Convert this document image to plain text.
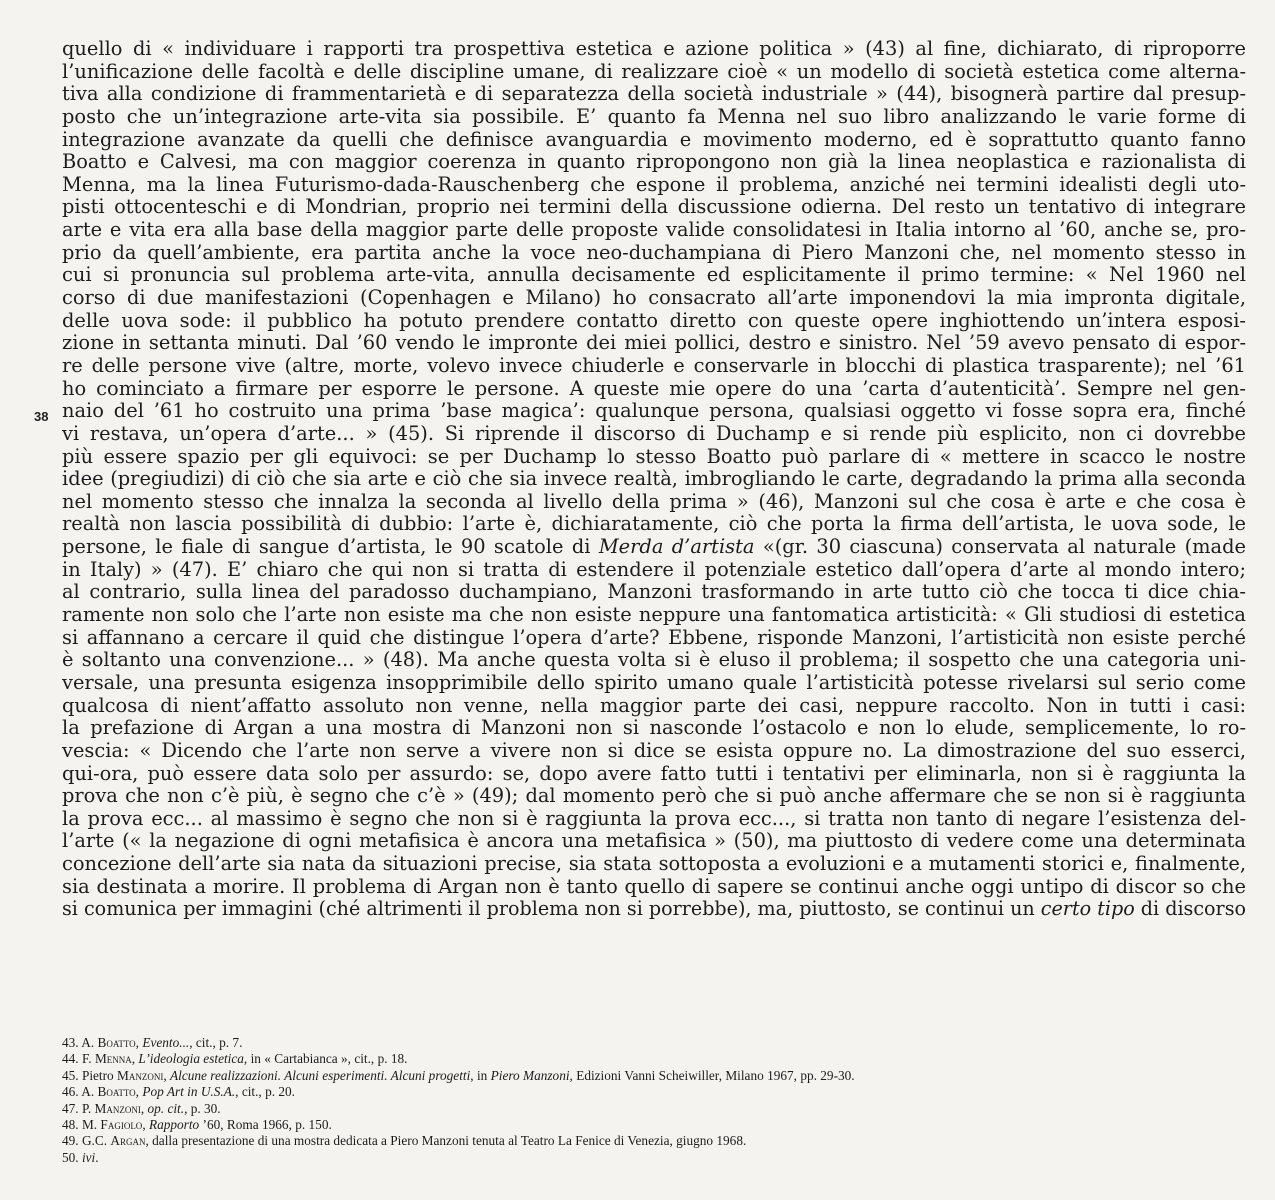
38
quello di « individuare i rapporti tra prospettiva estetica e azione politica » (43) al fine, dichiarato, di riproporre
l’unificazione delle facoltà e delle discipline umane, di realizzare cioè « un modello di società estetica come alterna-
tiva alla condizione di frammentarietà e di separatezza della società industriale » (44), bisognerà partire dal presup-
posto che un’integrazione arte-vita sia possibile. E’ quanto fa Menna nel suo libro analizzando le varie forme di
integrazione avanzate da quelli che definisce avanguardia e movimento moderno, ed è soprattutto quanto fanno
Boatto e Calvesi, ma con maggior coerenza in quanto ripropongono non già la linea neoplastica e razionalista di
Menna, ma la linea Futurismo-dada-Rauschenberg che espone il problema, anziché nei termini idealisti degli uto-
pisti ottocenteschi e di Mondrian, proprio nei termini della discussione odierna. Del resto un tentativo di integrare
arte e vita era alla base della maggior parte delle proposte valide consolidatesi in Italia intorno al ’60, anche se, pro-
prio da quell’ambiente, era partita anche la voce neo-duchampiana di Piero Manzoni che, nel momento stesso in
cui si pronuncia sul problema arte-vita, annulla decisamente ed esplicitamente il primo termine: « Nel 1960 nel
corso di due manifestazioni (Copenhagen e Milano) ho consacrato all’arte imponendovi la mia impronta digitale,
delle uova sode: il pubblico ha potuto prendere contatto diretto con queste opere inghiottendo un’intera esposi-
zione in settanta minuti. Dal ’60 vendo le impronte dei miei pollici, destro e sinistro. Nel ’59 avevo pensato di espor-
re delle persone vive (altre, morte, volevo invece chiuderle e conservarle in blocchi di plastica trasparente); nel ’61
ho cominciato a firmare per esporre le persone. A queste mie opere do una ’carta d’autenticità’. Sempre nel gen-
naio del ’61 ho costruito una prima ’base magica’: qualunque persona, qualsiasi oggetto vi fosse sopra era, finché
vi restava, un’opera d’arte... » (45). Si riprende il discorso di Duchamp e si rende più esplicito, non ci dovrebbe
più essere spazio per gli equivoci: se per Duchamp lo stesso Boatto può parlare di « mettere in scacco le nostre
idee (pregiudizi) di ciò che sia arte e ciò che sia invece realtà, imbrogliando le carte, degradando la prima alla seconda
nel momento stesso che innalza la seconda al livello della prima » (46), Manzoni sul che cosa è arte e che cosa è
realtà non lascia possibilità di dubbio: l’arte è, dichiaratamente, ciò che porta la firma dell’artista, le uova sode, le
persone, le fiale di sangue d’artista, le 90 scatole di Merda d’artista «(gr. 30 ciascuna) conservata al naturale (made
in Italy) » (47). E’ chiaro che qui non si tratta di estendere il potenziale estetico dall’opera d’arte al mondo intero;
al contrario, sulla linea del paradosso duchampiano, Manzoni trasformando in arte tutto ciò che tocca ti dice chia-
ramente non solo che l’arte non esiste ma che non esiste neppure una fantomatica artisticità: « Gli studiosi di estetica
si affannano a cercare il quid che distingue l’opera d’arte? Ebbene, risponde Manzoni, l’artisticità non esiste perché
è soltanto una convenzione... » (48). Ma anche questa volta si è eluso il problema; il sospetto che una categoria uni-
versale, una presunta esigenza insopprimibile dello spirito umano quale l’artisticità potesse rivelarsi sul serio come
qualcosa di nient’affatto assoluto non venne, nella maggior parte dei casi, neppure raccolto. Non in tutti i casi:
la prefazione di Argan a una mostra di Manzoni non si nasconde l’ostacolo e non lo elude, semplicemente, lo ro-
vescia: « Dicendo che l’arte non serve a vivere non si dice se esista oppure no. La dimostrazione del suo esserci,
qui-ora, può essere data solo per assurdo: se, dopo avere fatto tutti i tentativi per eliminarla, non si è raggiunta la
prova che non c’è più, è segno che c’è » (49); dal momento però che si può anche affermare che se non si è raggiunta
la prova ecc... al massimo è segno che non si è raggiunta la prova ecc..., si tratta non tanto di negare l’esistenza del-
l’arte (« la negazione di ogni metafisica è ancora una metafisica » (50), ma piuttosto di vedere come una determinata
concezione dell’arte sia nata da situazioni precise, sia stata sottoposta a evoluzioni e a mutamenti storici e, finalmente,
sia destinata a morire. Il problema di Argan non è tanto quello di sapere se continui anche oggi untipo di discor so che
si comunica per immagini (ché altrimenti il problema non si porrebbe), ma, piuttosto, se continui un certo tipo di discorso
43. A. Boatto, Evento..., cit., p. 7.
44. F. Menna, L’ideologia estetica, in « Cartabianca », cit., p. 18.
45. Pietro Manzoni, Alcune realizzazioni. Alcuni esperimenti. Alcuni progetti, in Piero Manzoni, Edizioni Vanni Scheiwiller, Milano 1967, pp. 29-30.
46. A. Boatto, Pop Art in U.S.A., cit., p. 20.
47. P. Manzoni, op. cit., p. 30.
48. M. Fagiolo, Rapporto ’60, Roma 1966, p. 150.
49. G.C. Argan, dalla presentazione di una mostra dedicata a Piero Manzoni tenuta al Teatro La Fenice di Venezia, giugno 1968.
50. ivi.
